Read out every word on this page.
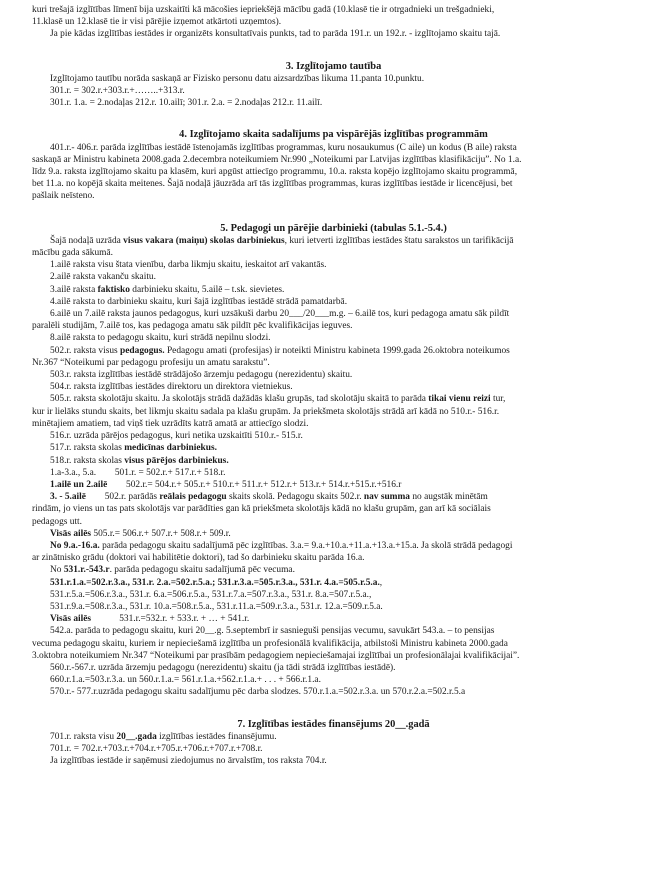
kuri trešajā izglītības līmenī bija uzskaitīti kā mācošies iepriekšējā mācību gadā (10.klasē tie ir otrgadnieki un trešgadnieki,

11.klasē un 12.klasē tie ir visi pārējie izņemot atkārtoti uzņemtos).

Ja pie kādas izglītības iestādes ir organizēts konsultatīvais punkts, tad to parāda 191.r. un 192.r. - izglītojamo skaitu tajā.

3. Izglītojamo tautība

Izglītojamo tautību norāda saskaņā ar Fizisko personu datu aizsardzības likuma 11.panta 10.punktu.

301.r. = 302.r.+303.r.+……..+313.r.

301.r. 1.a. = 2.nodaļas 212.r. 10.ailī; 301.r. 2.a. = 2.nodaļas 212.r. 11.ailī.

4. Izglītojamo skaita sadalījums pa vispārējās izglītības programmām

401.r.- 406.r. parāda izglītības iestādē īstenojamās izglītības programmas, kuru nosaukumus (C aile) un kodus (B aile) raksta

saskaņā ar Ministru kabineta 2008.gada 2.decembra noteikumiem Nr.990 „Noteikumi par Latvijas izglītības klasifikāciju”. No 1.a.

līdz 9.a. raksta izglītojamo skaitu pa klasēm, kuri apgūst attiecīgo programmu, 10.a. raksta kopējo izglītojamo skaitu programmā,

bet 11.a. no kopējā skaita meitenes. Šajā nodaļā jāuzrāda arī tās izglītības programmas, kuras izglītības iestāde ir licencējusi, bet

pašlaik neīsteno.

5. Pedagogi un pārējie darbinieki (tabulas 5.1.-5.4.)

Šajā nodaļā uzrāda visus vakara (maiņu) skolas darbiniekus, kuri ietverti izglītības iestādes štatu sarakstos un tarifikācijā

mācību gada sākumā.

1.ailē raksta visu štata vienību, darba likmju skaitu, ieskaitot arī vakantās.

2.ailē raksta vakanču skaitu.

3.ailē raksta faktisko darbinieku skaitu, 5.ailē – t.sk. sievietes.

4.ailē raksta to darbinieku skaitu, kuri šajā izglītības iestādē strādā pamatdarbā.

6.ailē un 7.ailē raksta jaunos pedagogus, kuri uzsākuši darbu 20___/20___m.g. – 6.ailē tos, kuri pedagoga amatu sāk pildīt

paralēli studijām, 7.ailē tos, kas pedagoga amatu sāk pildīt pēc kvalifikācijas ieguves.

8.ailē raksta to pedagogu skaitu, kuri strādā nepilnu slodzi.

502.r. raksta visus pedagogus. Pedagogu amati (profesijas) ir noteikti Ministru kabineta 1999.gada 26.oktobra noteikumos

Nr.367 “Noteikumi par pedagogu profesiju un amatu sarakstu”.

503.r. raksta izglītības iestādē strādājošo ārzemju pedagogu (nerezidentu) skaitu.

504.r. raksta izglītības iestādes direktoru un direktora vietniekus.

505.r. raksta skolotāju skaitu. Ja skolotājs strādā dažādās klašu grupās, tad skolotāju skaitā to parāda tikai vienu reizi tur,

kur ir lielāks stundu skaits, bet likmju skaitu sadala pa klašu grupām. Ja priekšmeta skolotājs strādā arī kādā no 510.r.- 516.r.

minētajiem amatiem, tad viņš tiek uzrādīts katrā amatā ar attiecīgo slodzi.

516.r. uzrāda pārējos pedagogus, kuri netika uzskaitīti 510.r.- 515.r.

517.r. raksta skolas medicīnas darbiniekus.

518.r. raksta skolas visus pārējos darbiniekus.

1.a-3.a., 5.a.  501.r. = 502.r.+ 517.r.+ 518.r.

1.ailē un 2.ailē  502.r.= 504.r.+ 505.r.+ 510.r.+ 511.r.+ 512.r.+ 513.r.+ 514.r.+515.r.+516.r

3. - 5.ailē  502.r. parādās reālais pedagogu skaits skolā. Pedagogu skaits 502.r. nav summa no augstāk minētām

rindām, jo viens un tas pats skolotājs var parādīties gan kā priekšmeta skolotājs kādā no klašu grupām, gan arī kā sociālais

pedagogs utt.

Visās ailēs 505.r.= 506.r.+ 507.r.+ 508.r.+ 509.r.

No 9.a.-16.a. parāda pedagogu skaitu sadalījumā pēc izglītības. 3.a.= 9.a.+10.a.+11.a.+13.a.+15.a. Ja skolā strādā pedagogi

ar zinātnisko grādu (doktori vai habilitētie doktori), tad šo darbinieku skaitu parāda 16.a.

No 531.r.-543.r. parāda pedagogu skaitu sadalījumā pēc vecuma.

531.r.1.a.=502.r.3.a., 531.r. 2.a.=502.r.5.a.; 531.r.3.a.=505.r.3.a., 531.r. 4.a.=505.r.5.a.,

531.r.5.a.=506.r.3.a., 531.r. 6.a.=506.r.5.a., 531.r.7.a.=507.r.3.a., 531.r. 8.a.=507.r.5.a.,

531.r.9.a.=508.r.3.a., 531.r. 10.a.=508.r.5.a., 531.r.11.a.=509.r.3.a., 531.r. 12.a.=509.r.5.a.

Visās ailēs   531.r.=532.r. + 533.r. + … + 541.r.

542.a. parāda to pedagogu skaitu, kuri 20__.g. 5.septembrī ir sasnieguši pensijas vecumu, savukārt 543.a. – to pensijas

vecuma pedagogu skaitu, kuriem ir nepieciešamā izglītība un profesionālā kvalifikācija, atbilstoši Ministru kabineta 2000.gada

3.oktobra noteikumiem Nr.347 “Noteikumi par prasībām pedagogiem nepieciešamajai izglītībai un profesionālajai kvalifikācijai”.

560.r.-567.r. uzrāda ārzemju pedagogu (nerezidentu) skaitu (ja tādi strādā izglītības iestādē).

660.r.1.a.=503.r.3.a. un 560.r.1.a.= 561.r.1.a.+562.r.1.a.+ . . . + 566.r.1.a.

570.r.- 577.r.uzrāda pedagogu skaitu sadalījumu pēc darba slodzes. 570.r.1.a.=502.r.3.a. un 570.r.2.a.=502.r.5.a

7. Izglītības iestādes finansējums 20__.gadā

701.r. raksta visu 20__.gada izglītības iestādes finansējumu.

701.r. = 702.r.+703.r.+704.r.+705.r.+706.r.+707.r.+708.r.

Ja izglītības iestāde ir saņēmusi ziedojumus no ārvalstīm, tos raksta 704.r.
